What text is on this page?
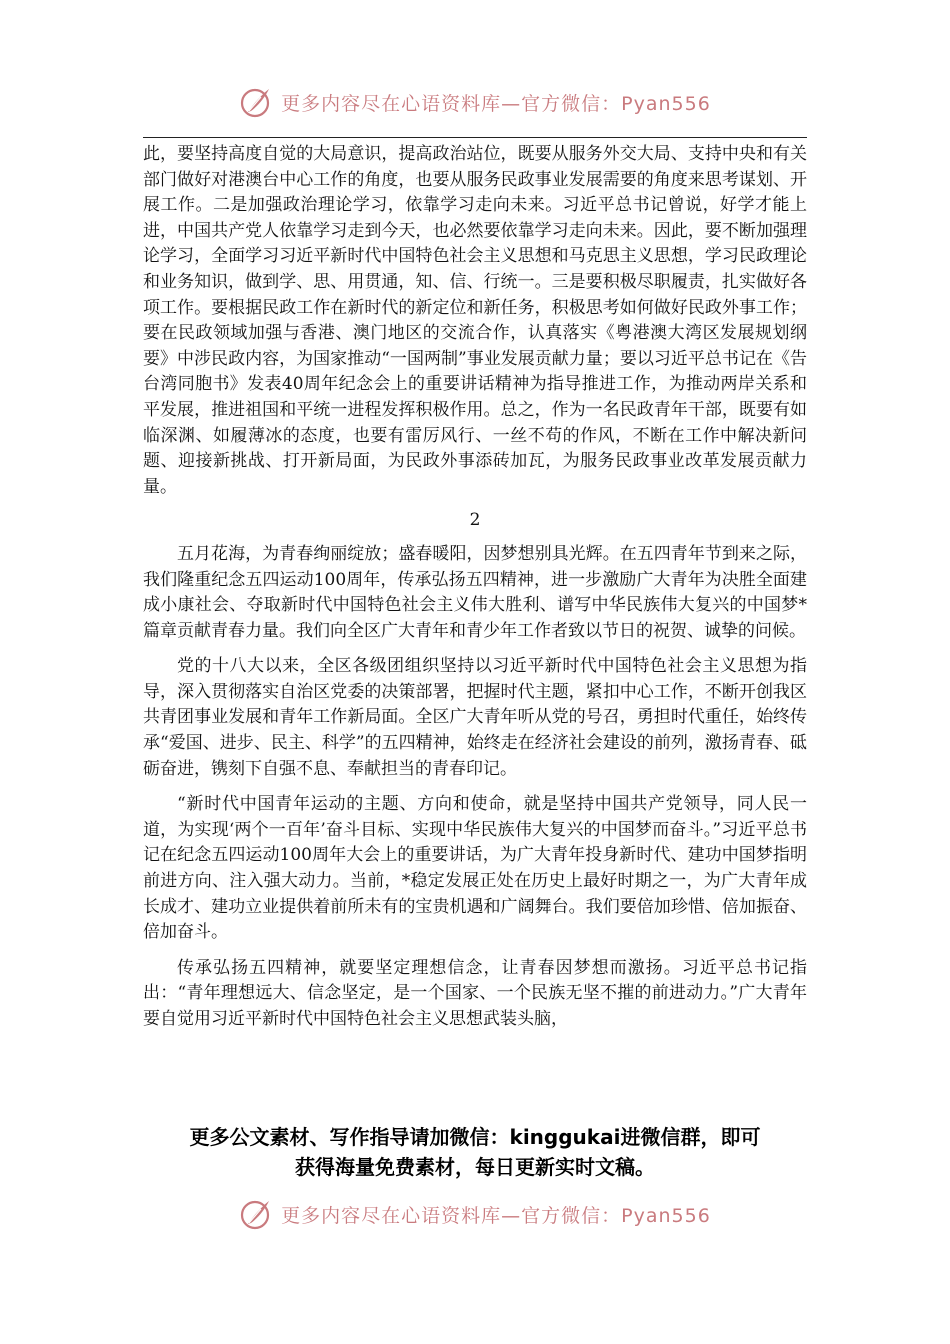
更多内容尽在心语资料库—官方微信：Pyan556

此，要坚持高度自觉的大局意识，提高政治站位，既要从服务外交大局、支持中央和有关部门做好对港澳台中心工作的角度，也要从服务民政事业发展需要的角度来思考谋划、开展工作。二是加强政治理论学习，依靠学习走向未来。习近平总书记曾说，好学才能上进，中国共产党人依靠学习走到今天，也必然要依靠学习走向未来。因此，要不断加强理论学习，全面学习习近平新时代中国特色社会主义思想和马克思主义思想，学习民政理论和业务知识，做到学、思、用贯通，知、信、行统一。三是要积极尽职履责，扎实做好各项工作。要根据民政工作在新时代的新定位和新任务，积极思考如何做好民政外事工作；要在民政领域加强与香港、澳门地区的交流合作，认真落实《粤港澳大湾区发展规划纲要》中涉民政内容，为国家推动“一国两制”事业发展贡献力量；要以习近平总书记在《告台湾同胞书》发表40周年纪念会上的重要讲话精神为指导推进工作，为推动两岸关系和平发展，推进祖国和平统一进程发挥积极作用。总之，作为一名民政青年干部，既要有如临深渊、如履薄冰的态度，也要有雷厉风行、一丝不苟的作风，不断在工作中解决新问题、迎接新挑战、打开新局面，为民政外事添砖加瓦，为服务民政事业改革发展贡献力量。

2

五月花海，为青春绚丽绽放；盛春暖阳，因梦想别具光辉。在五四青年节到来之际，我们隆重纪念五四运动100周年，传承弘扬五四精神，进一步激励广大青年为决胜全面建成小康社会、夺取新时代中国特色社会主义伟大胜利、谱写中华民族伟大复兴的中国梦*篇章贡献青春力量。我们向全区广大青年和青少年工作者致以节日的祝贺、诚挚的问候。

党的十八大以来，全区各级团组织坚持以习近平新时代中国特色社会主义思想为指导，深入贯彻落实自治区党委的决策部署，把握时代主题，紧扣中心工作，不断开创我区共青团事业发展和青年工作新局面。全区广大青年听从党的号召，勇担时代重任，始终传承“爱国、进步、民主、科学”的五四精神，始终走在经济社会建设的前列，激扬青春、砥砺奋进，镌刻下自强不息、奉献担当的青春印记。

“新时代中国青年运动的主题、方向和使命，就是坚持中国共产党领导，同人民一道，为实现‘两个一百年’奋斗目标、实现中华民族伟大复兴的中国梦而奋斗。”习近平总书记在纪念五四运动100周年大会上的重要讲话，为广大青年投身新时代、建功中国梦指明前进方向、注入强大动力。当前，*稳定发展正处在历史上最好时期之一，为广大青年成长成才、建功立业提供着前所未有的宝贵机遇和广阔舞台。我们要倍加珍惜、倍加振奋、倍加奋斗。

传承弘扬五四精神，就要坚定理想信念，让青春因梦想而激扬。习近平总书记指出：“青年理想远大、信念坚定，是一个国家、一个民族无坚不摧的前进动力。”广大青年要自觉用习近平新时代中国特色社会主义思想武装头脑，

更多公文素材、写作指导请加微信：kinggukai进微信群，即可
获得海量免费素材，每日更新实时文稿。
更多内容尽在心语资料库—官方微信：Pyan556
